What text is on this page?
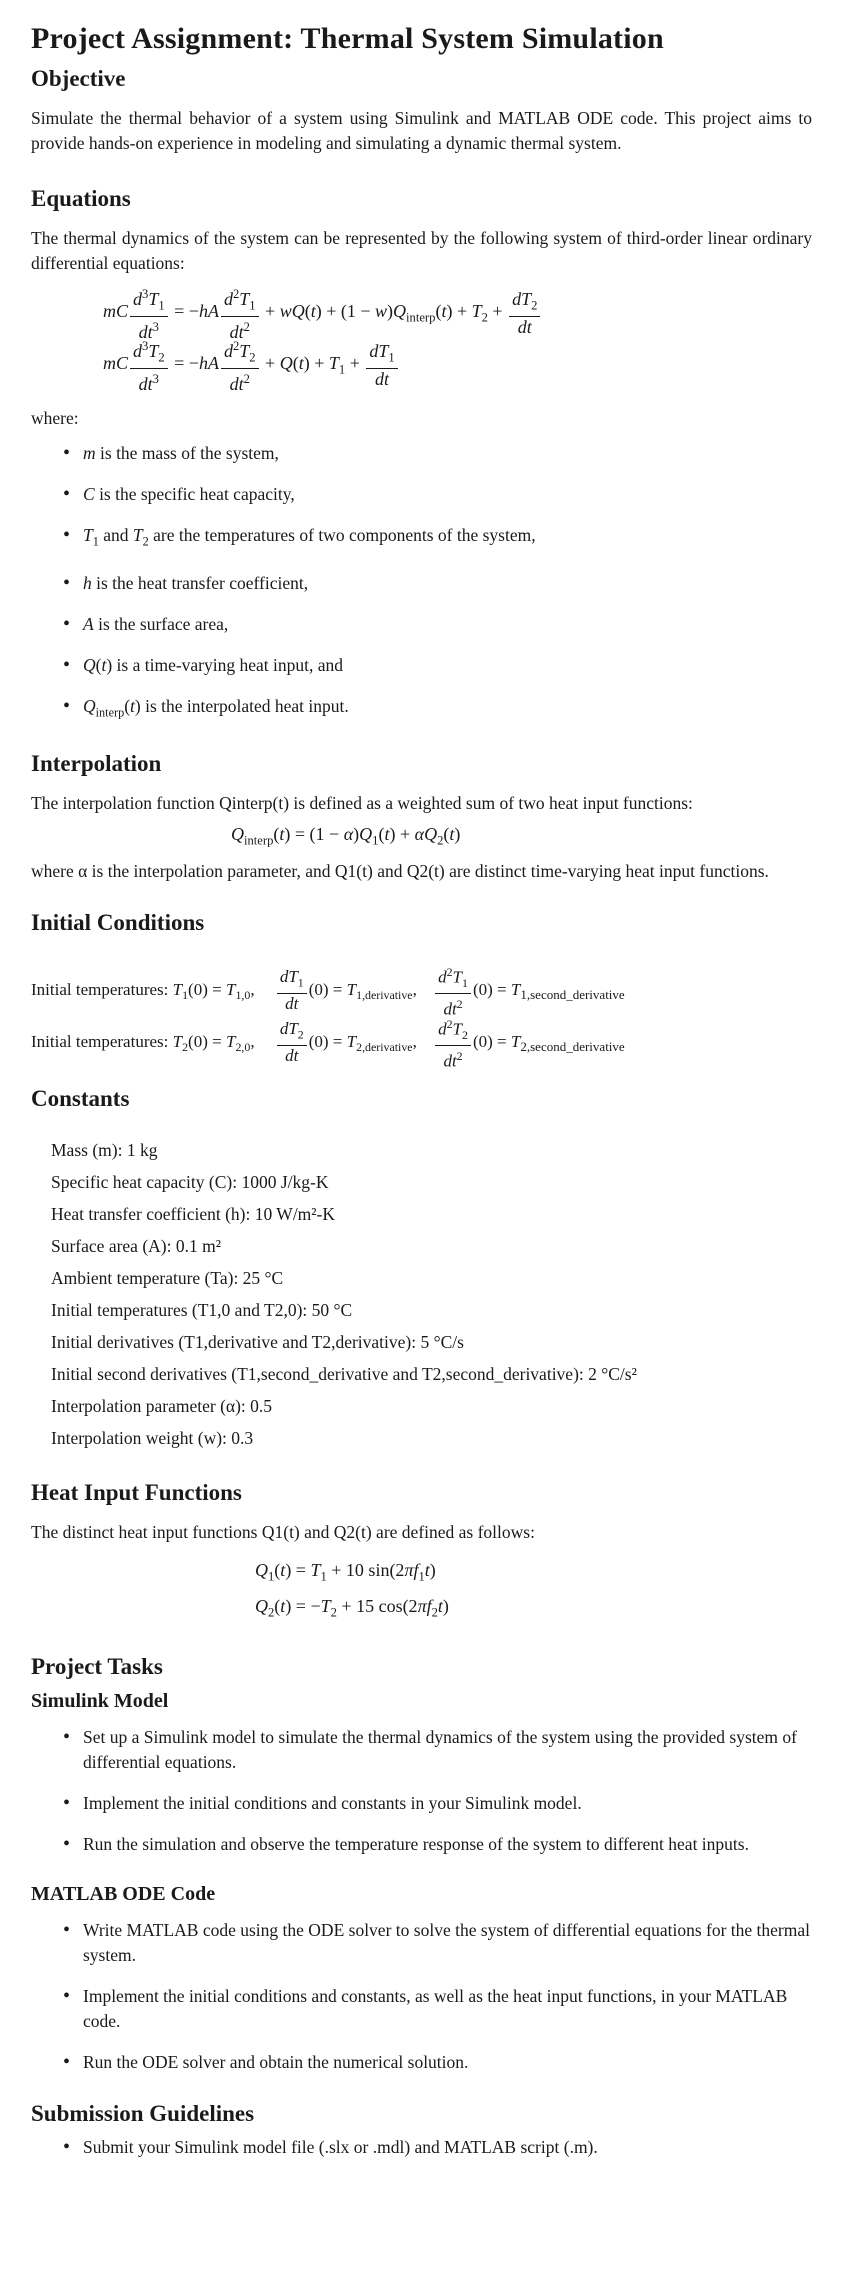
Project Assignment: Thermal System Simulation
Objective

Simulate the thermal behavior of a system using Simulink and MATLAB ODE code. This project aims to provide hands-on experience in modeling and simulating a dynamic thermal system.

Equations

The thermal dynamics of the system can be represented by the following system of third-order linear ordinary differential equations:

mC $\frac{d^3T_1}{dt^3} = -hA \frac{d^2T_1}{dt^2} + wQ(t) + (1 - w)Q_{interp}(t) + T_2 + \frac{dT_2}{dt}$
mC $\frac{d^3T_2}{dt^3} = -hA \frac{d^2T_2}{dt^2} + Q(t) + T_1 + \frac{dT_1}{dt}$

where:

• m is the mass of the system,
• C is the specific heat capacity,
• $T_1$ and $T_2$ are the temperatures of two components of the system,
• h is the heat transfer coefficient,
• A is the surface area,
• Q(t) is a time-varying heat input, and
• $Q_{interp}(t)$ is the interpolated heat input.
Interpolation

The interpolation function Qinterp(t) is defined as a weighted sum of two heat input functions:

$Q_{interp}(t) = (1 - \alpha)Q_1(t) + \alpha Q_2(t)$

where α is the interpolation parameter, and Q1(t) and Q2(t) are distinct time-varying heat input functions.

Initial Conditions
Initial temperatures: $T_1(0) = T_{1,0}$, $\frac{dT_1}{dt} (0) = T_{1,derivative}$, $\frac{d^2T_1}{dt^2} (0) = T_{1,second\_derivative}$
Initial temperatures: $T_2(0) = T_{2,0}$, $\frac{dT_2}{dt} (0) = T_{2,derivative}$, $\frac{d^2T_2}{dt^2} (0) = T_{2,second\_derivative}$
Constants
Mass (m): 1 kg
Specific heat capacity (C): 1000 J/kg-K
Heat transfer coefficient (h): 10 W/m²-K
Surface area (A): 0.1 m²
Ambient temperature (Ta): 25 °C
Initial temperatures (T1,0 and T2,0): 50 °C
Initial derivatives (T1,derivative and T2,derivative): 5 °C/s
Initial second derivatives (T1,second_derivative and T2,second_derivative): 2 °C/s²
Interpolation parameter (α): 0.5
Interpolation weight (w): 0.3
Heat Input Functions

The distinct heat input functions Q1(t) and Q2(t) are defined as follows:

$Q_1(t) = T_1 + 10$ $\sin(2\pi f_1t)$
$Q_2(t) = -T_2 + 15$ $\cos(2\pi f_2t)$
Project Tasks
Simulink Model
• Set up a Simulink model to simulate the thermal dynamics of the system using the provided system of differential equations.
• Implement the initial conditions and constants in your Simulink model.
• Run the simulation and observe the temperature response of the system to different heat inputs.
MATLAB ODE Code
• Write MATLAB code using the ODE solver to solve the system of differential equations for the thermal system.
• Implement the initial conditions and constants, as well as the heat input functions, in your MATLAB code.
• Run the ODE solver and obtain the numerical solution.
Submission Guidelines
• Submit your Simulink model file (.slx or .mdl) and MATLAB script (.m).
